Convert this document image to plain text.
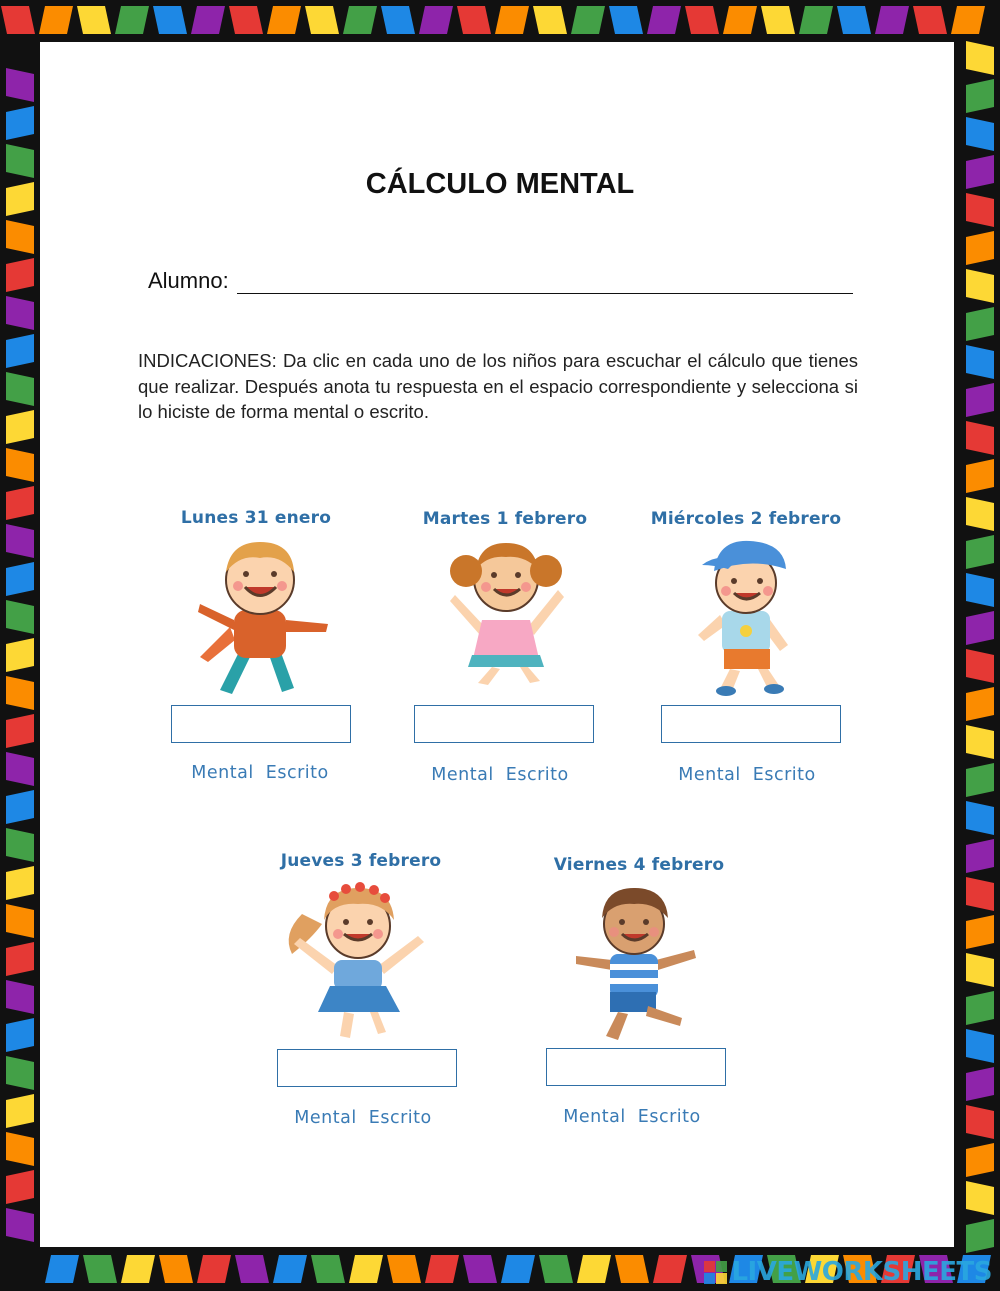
CÁLCULO MENTAL
Alumno:
INDICACIONES: Da clic en cada uno de los niños para escuchar el cálculo que tienes que realizar. Después anota tu respuesta en el espacio correspondiente y selecciona si lo hiciste de forma mental o escrito.
Lunes 31 enero
Mental Escrito
Martes 1 febrero
Mental Escrito
Miércoles 2 febrero
Mental Escrito
Jueves 3 febrero
Mental Escrito
Viernes 4 febrero
Mental Escrito
LIVEWORKSHEETS
